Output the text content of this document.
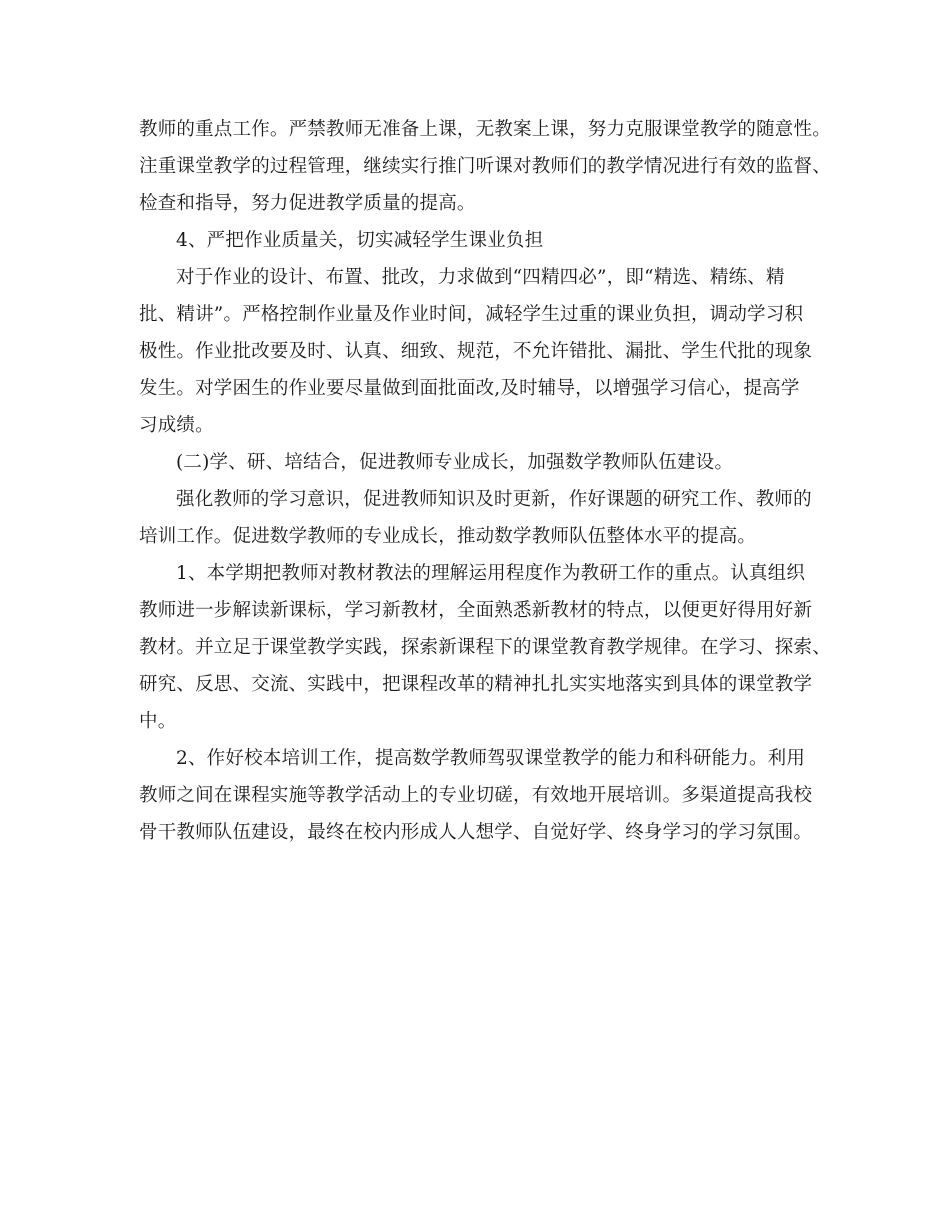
教师的重点工作。严禁教师无准备上课，无教案上课，努力克服课堂教学的随意性。
注重课堂教学的过程管理，继续实行推门听课对教师们的教学情况进行有效的监督、
检查和指导，努力促进教学质量的提高。
4、严把作业质量关，切实减轻学生课业负担
对于作业的设计、布置、批改，力求做到“四精四必”，即“精选、精练、精
批、精讲”。严格控制作业量及作业时间，减轻学生过重的课业负担，调动学习积
极性。作业批改要及时、认真、细致、规范，不允许错批、漏批、学生代批的现象
发生。对学困生的作业要尽量做到面批面改,及时辅导，以增强学习信心，提高学
习成绩。
(二)学、研、培结合，促进教师专业成长，加强数学教师队伍建设。
强化教师的学习意识，促进教师知识及时更新，作好课题的研究工作、教师的
培训工作。促进数学教师的专业成长，推动数学教师队伍整体水平的提高。
1、本学期把教师对教材教法的理解运用程度作为教研工作的重点。认真组织
教师进一步解读新课标，学习新教材，全面熟悉新教材的特点，以便更好得用好新
教材。并立足于课堂教学实践，探索新课程下的课堂教育教学规律。在学习、探索、
研究、反思、交流、实践中，把课程改革的精神扎扎实实地落实到具体的课堂教学
中。
2、作好校本培训工作，提高数学教师驾驭课堂教学的能力和科研能力。利用
教师之间在课程实施等教学活动上的专业切磋，有效地开展培训。多渠道提高我校
骨干教师队伍建设，最终在校内形成人人想学、自觉好学、终身学习的学习氛围。
